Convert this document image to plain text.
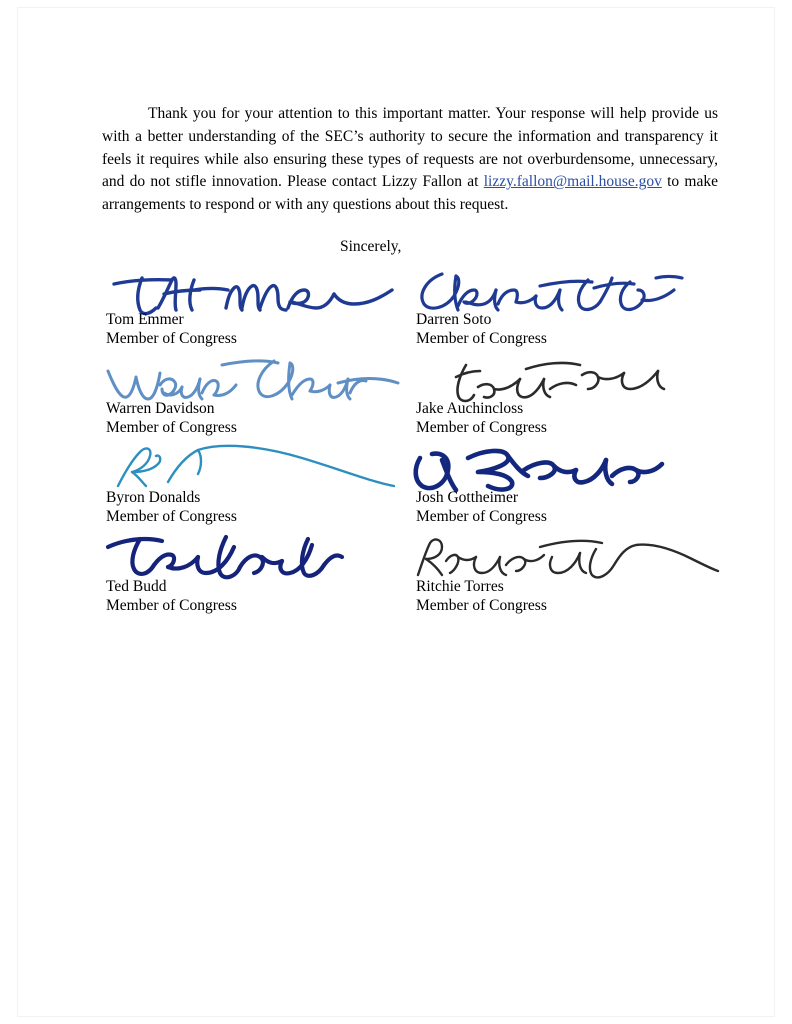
Thank you for your attention to this important matter. Your response will help provide us with a better understanding of the SEC’s authority to secure the information and transparency it feels it requires while also ensuring these types of requests are not overburdensome, unnecessary, and do not stifle innovation. Please contact Lizzy Fallon at lizzy.fallon@mail.house.gov to make arrangements to respond or with any questions about this request.
Sincerely,
Tom Emmer
Member of Congress
Darren Soto
Member of Congress
Warren Davidson
Member of Congress
Jake Auchincloss
Member of Congress
Byron Donalds
Member of Congress
Josh Gottheimer
Member of Congress
Ted Budd
Member of Congress
Ritchie Torres
Member of Congress
